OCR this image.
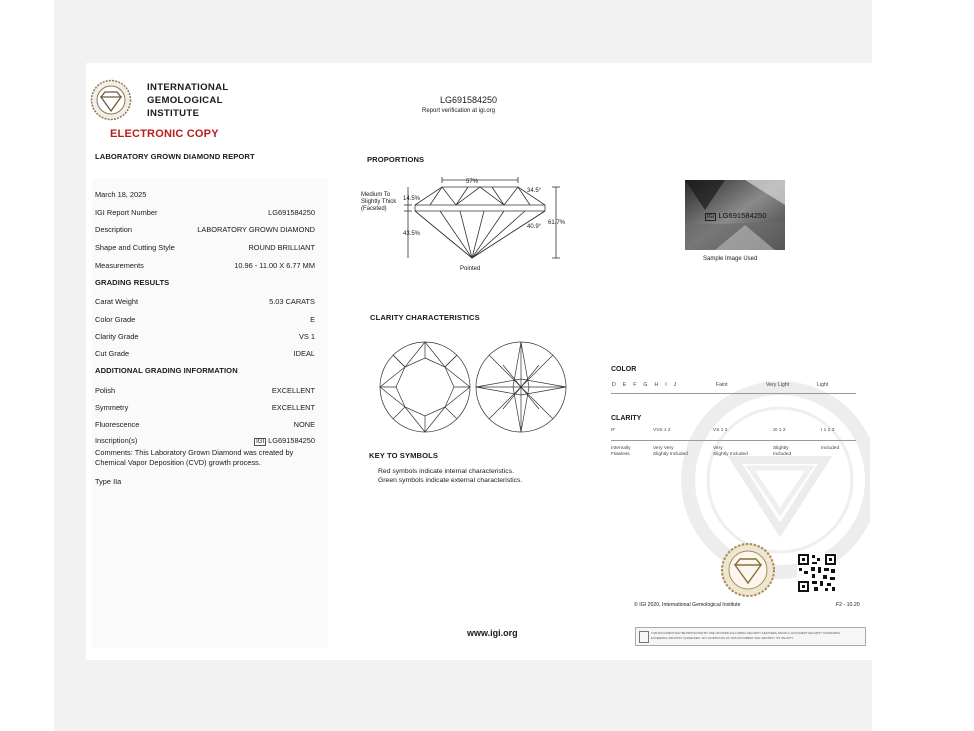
INTERNATIONAL
GEMOLOGICAL
INSTITUTE
ELECTRONIC COPY
LABORATORY GROWN DIAMOND REPORT
LG691584250
Report verification at igi.org
March 18, 2025
IGI Report Number	LG691584250
Description	LABORATORY GROWN DIAMOND
Shape and Cutting Style	ROUND BRILLIANT
Measurements	10.96 - 11.00 X 6.77 MM
GRADING RESULTS
Carat Weight	5.03 CARATS
Color Grade	E
Clarity Grade	VS 1
Cut Grade	IDEAL
ADDITIONAL GRADING INFORMATION
Polish	EXCELLENT
Symmetry	EXCELLENT
Fluorescence	NONE
Inscription(s)	IGI LG691584250
Comments: This Laboratory Grown Diamond was created by Chemical Vapor Deposition (CVD) growth process.
Type IIa
PROPORTIONS
Medium To
Slightly Thick
(Faceted)
57%
34.5°
14.5%
61.7%
40.9°
43.5%
Pointed
IGI LG691584250
Sample Image Used
CLARITY CHARACTERISTICS
KEY TO SYMBOLS
Red symbols indicate internal characteristics.
Green symbols indicate external characteristics.
COLOR
D E F G H I J	Faint	Very Light	Light
CLARITY
IF	VVS 1 2	VS 1 2	SI 1 2	I 1 2 3
Internally
Flawless
Very Very
Slightly Included
Very
Slightly Included
Slightly
Included
Included
© IGI 2020, International Gemological Institute	F2 - 10.20
www.igi.org	THIS DOCUMENT MAY BE PROTECTED BY ONE OR MORE FOLLOWING SECURITY FEATURES, DETAILS, DOCUMENT SECURITY STANDARDS
EXCEEDING INDUSTRY GUIDELINES. ANY ALTERATION OF THIS DOCUMENT WILL DESTROY ITS VALIDITY.
